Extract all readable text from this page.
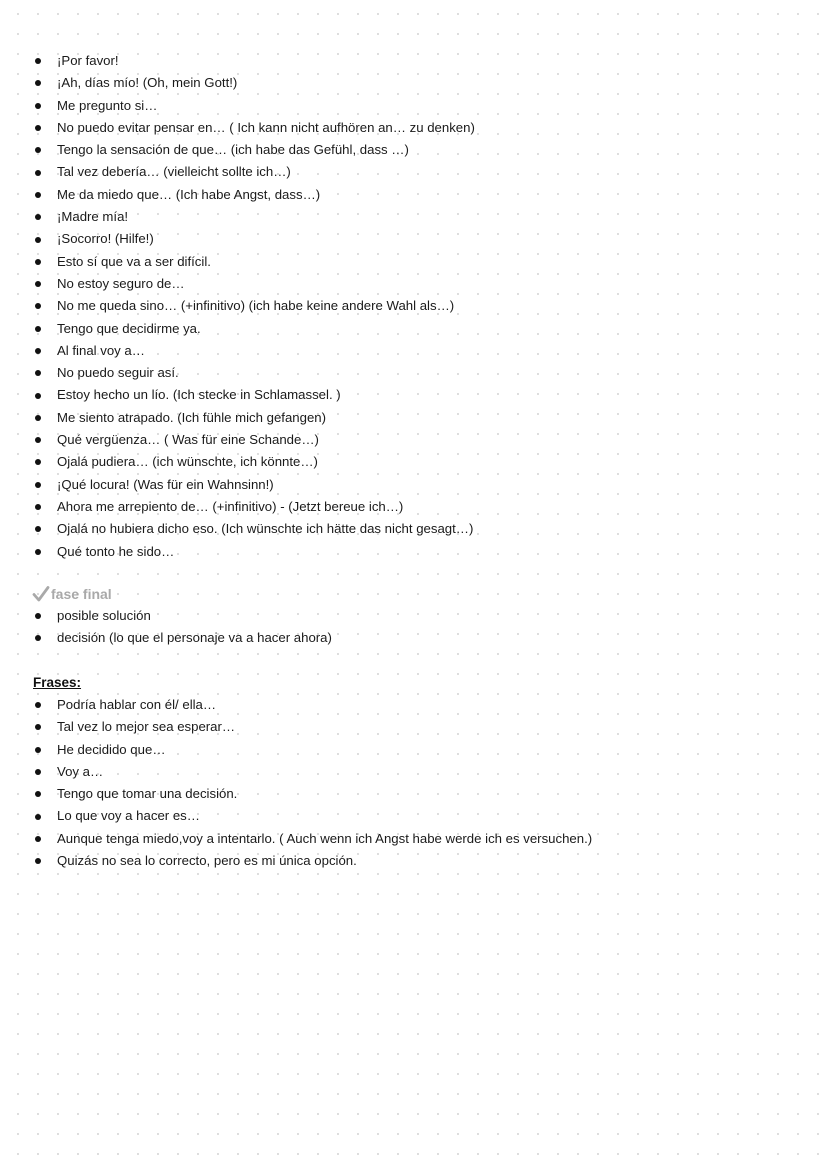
¡Por favor!
¡Ah, días mío! (Oh, mein Gott!)
Me pregunto si…
No puedo evitar pensar en… ( Ich kann nicht aufhören an… zu denken)
Tengo la sensación de que… (ich habe das Gefühl, dass …)
Tal vez debería… (vielleicht sollte ich…)
Me da miedo que… (Ich habe Angst, dass…)
¡Madre mía!
¡Socorro! (Hilfe!)
Esto sí que va a ser difícil.
No estoy seguro de…
No me queda sino… (+infinitivo) (ich habe keine andere Wahl als…)
Tengo que decidirme ya.
Al final voy a…
No puedo seguir así.
Estoy hecho un lío. (Ich stecke in Schlamassel. )
Me siento atrapado. (Ich fühle mich gefangen)
Qué vergüenza… ( Was für eine Schande…)
Ojalá pudiera… (ich wünschte, ich könnte…)
¡Qué locura! (Was für ein Wahnsinn!)
Ahora me arrepiento de… (+infinitivo) - (Jetzt bereue ich…)
Ojalá no hubiera dicho eso. (Ich wünschte ich hätte das nicht gesagt…)
Qué tonto he sido…
fase final
posible solución
decisión (lo que el personaje va a hacer ahora)
Frases:
Podría hablar con él/ ella…
Tal vez lo mejor sea esperar…
He decidido que…
Voy a…
Tengo que tomar una decisión.
Lo que voy a hacer es…
Aunque tenga miedo,voy a intentarlo. ( Auch wenn ich Angst habe werde ich es versuchen.)
Quizás no sea lo correcto, pero es mi única opción.
